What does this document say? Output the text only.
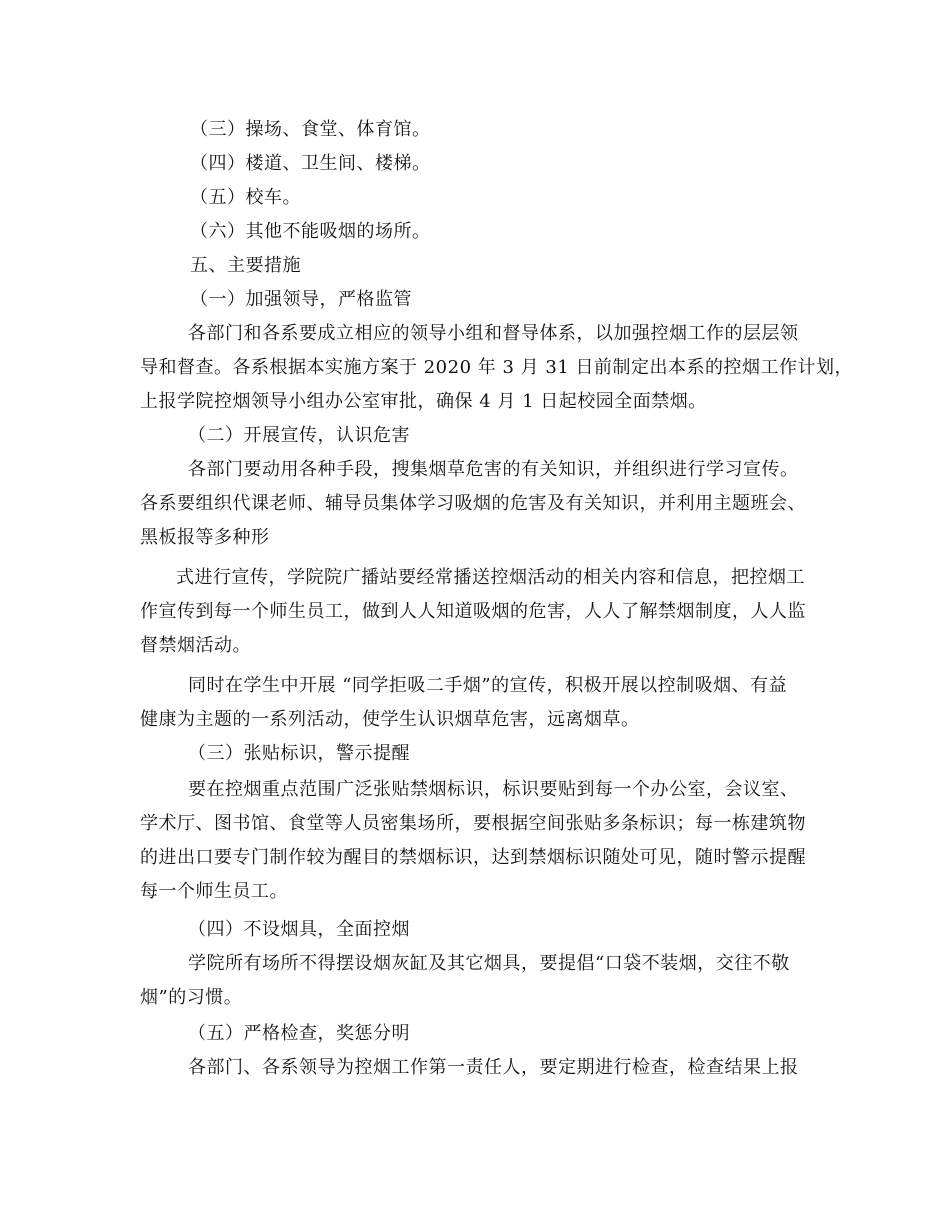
（三）操场、食堂、体育馆。
（四）楼道、卫生间、楼梯。
（五）校车。
（六）其他不能吸烟的场所。
五、主要措施
（一）加强领导，严格监管
各部门和各系要成立相应的领导小组和督导体系，以加强控烟工作的层层领
导和督查。各系根据本实施方案于 2020 年 3 月 31 日前制定出本系的控烟工作计划，
上报学院控烟领导小组办公室审批，确保 4 月 1 日起校园全面禁烟。
（二）开展宣传，认识危害
各部门要动用各种手段，搜集烟草危害的有关知识，并组织进行学习宣传。
各系要组织代课老师、辅导员集体学习吸烟的危害及有关知识，并利用主题班会、
黑板报等多种形
式进行宣传，学院院广播站要经常播送控烟活动的相关内容和信息，把控烟工
作宣传到每一个师生员工，做到人人知道吸烟的危害，人人了解禁烟制度，人人监
督禁烟活动。
同时在学生中开展 “同学拒吸二手烟”的宣传，积极开展以控制吸烟、有益
健康为主题的一系列活动，使学生认识烟草危害，远离烟草。
（三）张贴标识，警示提醒
要在控烟重点范围广泛张贴禁烟标识，标识要贴到每一个办公室，会议室、
学术厅、图书馆、食堂等人员密集场所，要根据空间张贴多条标识；每一栋建筑物
的进出口要专门制作较为醒目的禁烟标识，达到禁烟标识随处可见，随时警示提醒
每一个师生员工。
（四）不设烟具，全面控烟
学院所有场所不得摆设烟灰缸及其它烟具，要提倡“口袋不装烟，交往不敬
烟”的习惯。
（五）严格检查，奖惩分明
各部门、各系领导为控烟工作第一责任人，要定期进行检查，检查结果上报
